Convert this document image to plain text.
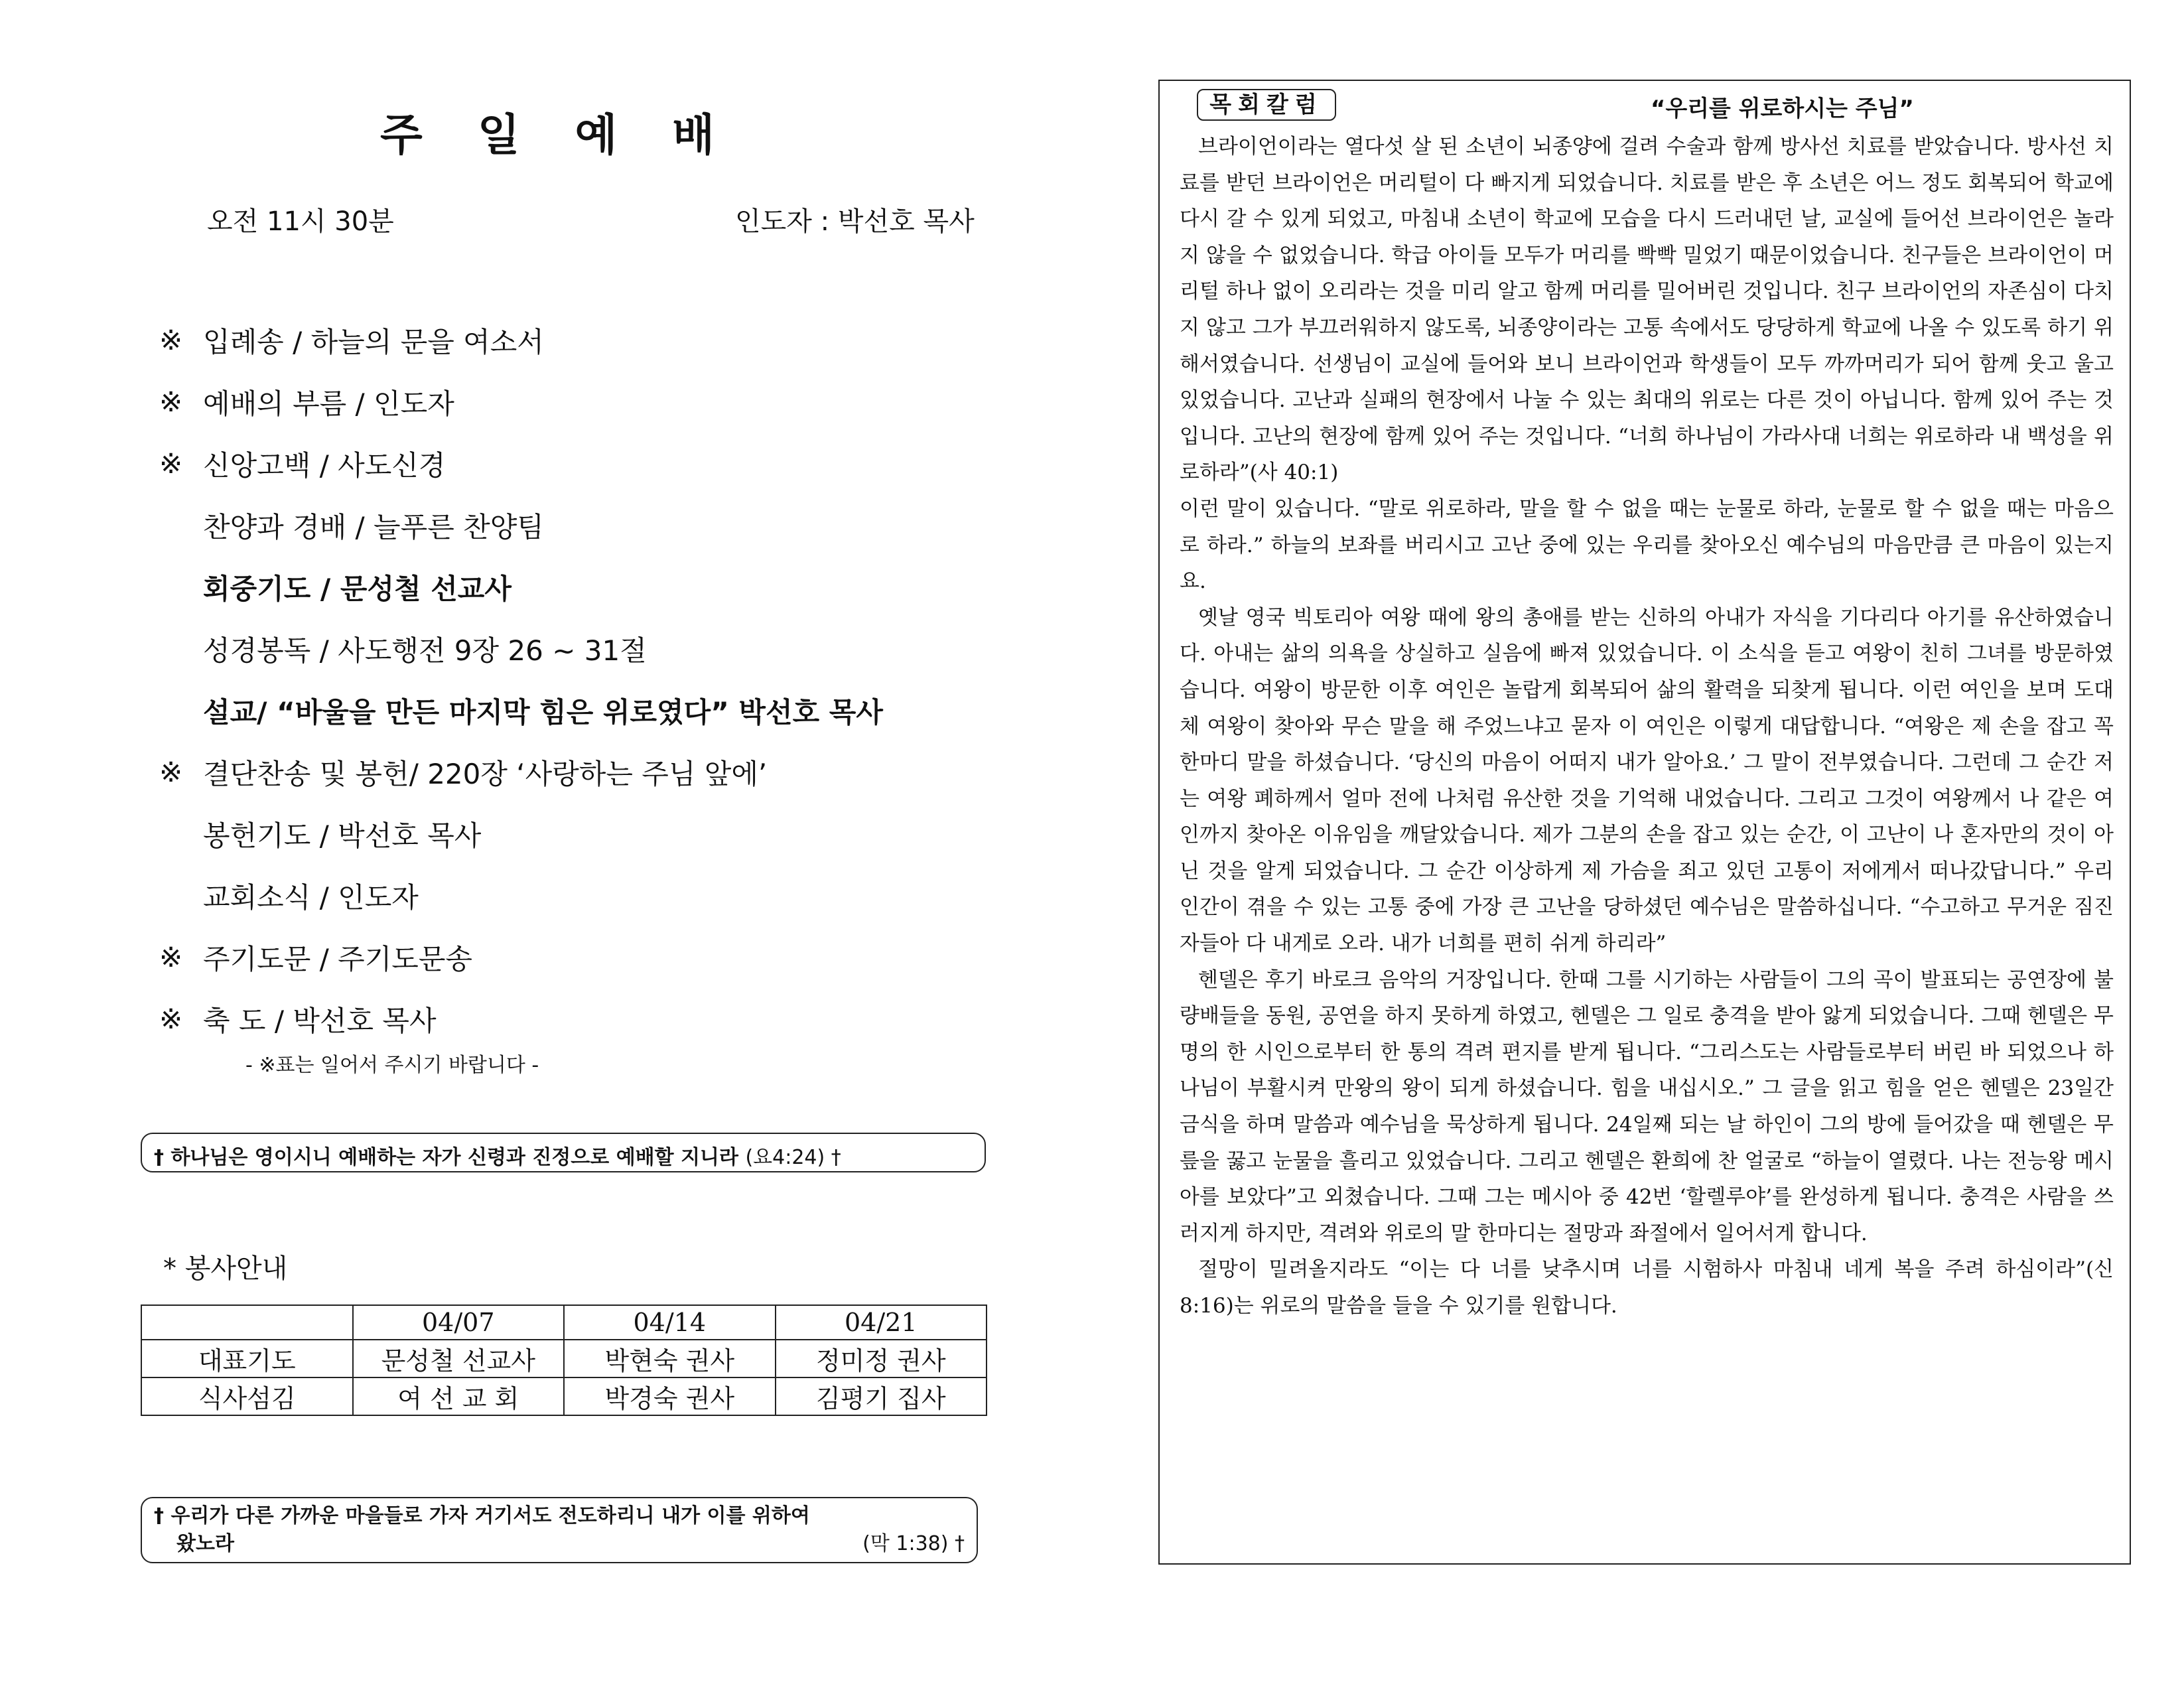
주 일 예 배
오전 11시 30분	인도자 : 박선호 목사
※ 입례송 / 하늘의 문을 여소서
※ 예배의 부름 / 인도자
※ 신앙고백 / 사도신경
찬양과 경배 / 늘푸른 찬양팀
회중기도 / 문성철 선교사
성경봉독 / 사도행전 9장 26 ~ 31절
설교/ “바울을 만든 마지막 힘은 위로였다” 박선호 목사
※ 결단찬송 및 봉헌/ 220장 ‘사랑하는 주님 앞에’
봉헌기도 / 박선호 목사
교회소식 / 인도자
※ 주기도문 / 주기도문송
※ 축 도 / 박선호 목사
- ※표는 일어서 주시기 바랍니다 -
† 하나님은 영이시니 예배하는 자가 신령과 진정으로 예배할 지니라 (요4:24) †
* 봉사안내
	04/07	04/14	04/21
대표기도	문성철 선교사	박현숙 권사	정미정 권사
식사섬김	여 선 교 회	박경숙 권사	김평기 집사
† 우리가 다른 가까운 마을들로 가자 거기서도 전도하리니 내가 이를 위하여
왔노라	(막 1:38) †
목회칼럼	“우리를 위로하시는 주님”

브라이언이라는 열다섯 살 된 소년이 뇌종양에 걸려 수술과 함께 방사선 치료를 받았습니다. 방사선 치료를 받던 브라이언은 머리털이 다 빠지게 되었습니다. 치료를 받은 후 소년은 어느 정도 회복되어 학교에 다시 갈 수 있게 되었고, 마침내 소년이 학교에 모습을 다시 드러내던 날, 교실에 들어선 브라이언은 놀라지 않을 수 없었습니다. 학급 아이들 모두가 머리를 빡빡 밀었기 때문이었습니다. 친구들은 브라이언이 머리털 하나 없이 오리라는 것을 미리 알고 함께 머리를 밀어버린 것입니다. 친구 브라이언의 자존심이 다치지 않고 그가 부끄러워하지 않도록, 뇌종양이라는 고통 속에서도 당당하게 학교에 나올 수 있도록 하기 위해서였습니다. 선생님이 교실에 들어와 보니 브라이언과 학생들이 모두 까까머리가 되어 함께 웃고 울고 있었습니다. 고난과 실패의 현장에서 나눌 수 있는 최대의 위로는 다른 것이 아닙니다. 함께 있어 주는 것입니다. 고난의 현장에 함께 있어 주는 것입니다. “너희 하나님이 가라사대 너희는 위로하라 내 백성을 위로하라”(사 40:1)

이런 말이 있습니다. “말로 위로하라, 말을 할 수 없을 때는 눈물로 하라, 눈물로 할 수 없을 때는 마음으로 하라.” 하늘의 보좌를 버리시고 고난 중에 있는 우리를 찾아오신 예수님의 마음만큼 큰 마음이 있는지요.

옛날 영국 빅토리아 여왕 때에 왕의 총애를 받는 신하의 아내가 자식을 기다리다 아기를 유산하였습니다. 아내는 삶의 의욕을 상실하고 실음에 빠져 있었습니다. 이 소식을 듣고 여왕이 친히 그녀를 방문하였습니다. 여왕이 방문한 이후 여인은 놀랍게 회복되어 삶의 활력을 되찾게 됩니다. 이런 여인을 보며 도대체 여왕이 찾아와 무슨 말을 해 주었느냐고 묻자 이 여인은 이렇게 대답합니다. “여왕은 제 손을 잡고 꼭 한마디 말을 하셨습니다. ‘당신의 마음이 어떠지 내가 알아요.’ 그 말이 전부였습니다. 그런데 그 순간 저는 여왕 폐하께서 얼마 전에 나처럼 유산한 것을 기억해 내었습니다. 그리고 그것이 여왕께서 나 같은 여인까지 찾아온 이유임을 깨달았습니다. 제가 그분의 손을 잡고 있는 순간, 이 고난이 나 혼자만의 것이 아닌 것을 알게 되었습니다. 그 순간 이상하게 제 가슴을 죄고 있던 고통이 저에게서 떠나갔답니다.” 우리 인간이 겪을 수 있는 고통 중에 가장 큰 고난을 당하셨던 예수님은 말씀하십니다. “수고하고 무거운 짐진 자들아 다 내게로 오라. 내가 너희를 편히 쉬게 하리라”

헨델은 후기 바로크 음악의 거장입니다. 한때 그를 시기하는 사람들이 그의 곡이 발표되는 공연장에 불량배들을 동원, 공연을 하지 못하게 하였고, 헨델은 그 일로 충격을 받아 앓게 되었습니다. 그때 헨델은 무명의 한 시인으로부터 한 통의 격려 편지를 받게 됩니다. “그리스도는 사람들로부터 버린 바 되었으나 하나님이 부활시켜 만왕의 왕이 되게 하셨습니다. 힘을 내십시오.” 그 글을 읽고 힘을 얻은 헨델은 23일간 금식을 하며 말씀과 예수님을 묵상하게 됩니다. 24일째 되는 날 하인이 그의 방에 들어갔을 때 헨델은 무릎을 꿇고 눈물을 흘리고 있었습니다. 그리고 헨델은 환희에 찬 얼굴로 “하늘이 열렸다. 나는 전능왕 메시아를 보았다”고 외쳤습니다. 그때 그는 메시아 중 42번 ‘할렐루야’를 완성하게 됩니다. 충격은 사람을 쓰러지게 하지만, 격려와 위로의 말 한마디는 절망과 좌절에서 일어서게 합니다.

절망이 밀려올지라도 “이는 다 너를 낮추시며 너를 시험하사 마침내 네게 복을 주려 하심이라”(신 8:16)는 위로의 말씀을 들을 수 있기를 원합니다.
